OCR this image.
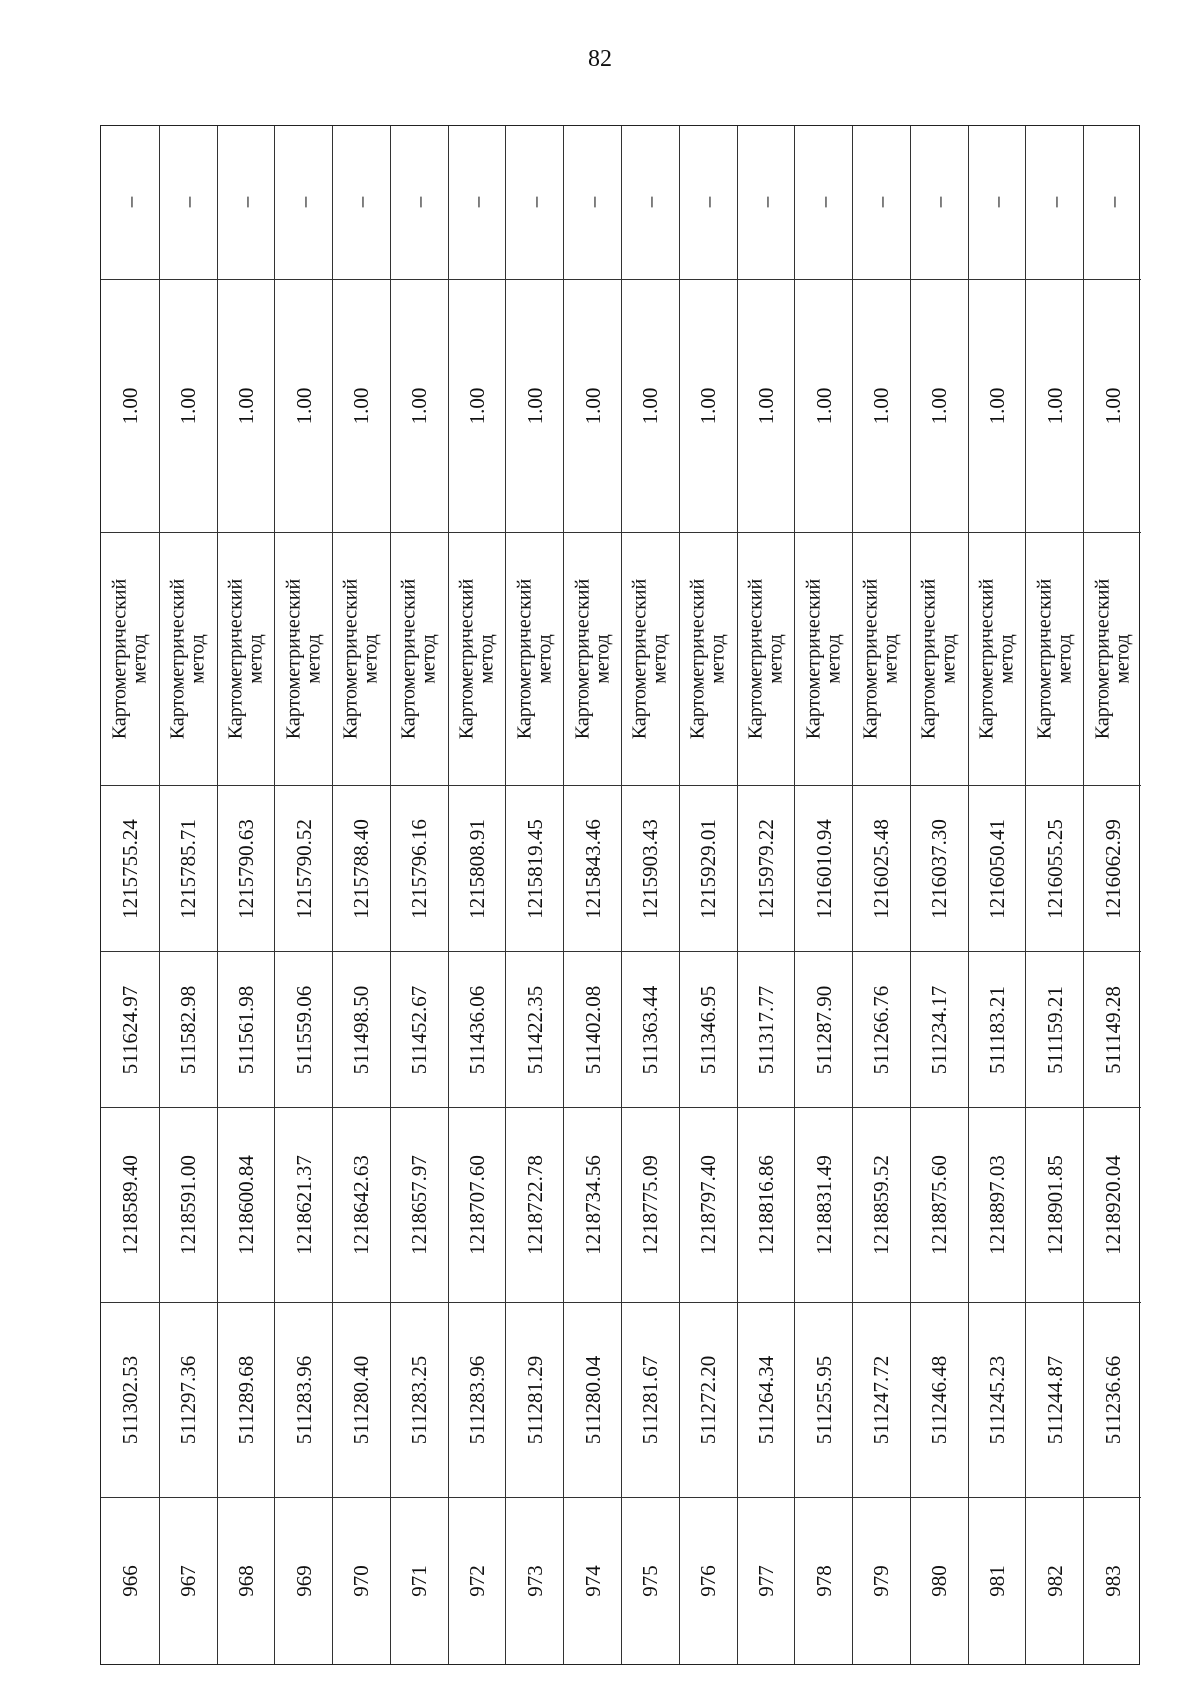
82
966
511302.53
1218589.40
511624.97
1215755.24
Картометрический
метод
1.00
–
967
511297.36
1218591.00
511582.98
1215785.71
Картометрический
метод
1.00
–
968
511289.68
1218600.84
511561.98
1215790.63
Картометрический
метод
1.00
–
969
511283.96
1218621.37
511559.06
1215790.52
Картометрический
метод
1.00
–
970
511280.40
1218642.63
511498.50
1215788.40
Картометрический
метод
1.00
–
971
511283.25
1218657.97
511452.67
1215796.16
Картометрический
метод
1.00
–
972
511283.96
1218707.60
511436.06
1215808.91
Картометрический
метод
1.00
–
973
511281.29
1218722.78
511422.35
1215819.45
Картометрический
метод
1.00
–
974
511280.04
1218734.56
511402.08
1215843.46
Картометрический
метод
1.00
–
975
511281.67
1218775.09
511363.44
1215903.43
Картометрический
метод
1.00
–
976
511272.20
1218797.40
511346.95
1215929.01
Картометрический
метод
1.00
–
977
511264.34
1218816.86
511317.77
1215979.22
Картометрический
метод
1.00
–
978
511255.95
1218831.49
511287.90
1216010.94
Картометрический
метод
1.00
–
979
511247.72
1218859.52
511266.76
1216025.48
Картометрический
метод
1.00
–
980
511246.48
1218875.60
511234.17
1216037.30
Картометрический
метод
1.00
–
981
511245.23
1218897.03
511183.21
1216050.41
Картометрический
метод
1.00
–
982
511244.87
1218901.85
511159.21
1216055.25
Картометрический
метод
1.00
–
983
511236.66
1218920.04
511149.28
1216062.99
Картометрический
метод
1.00
–
